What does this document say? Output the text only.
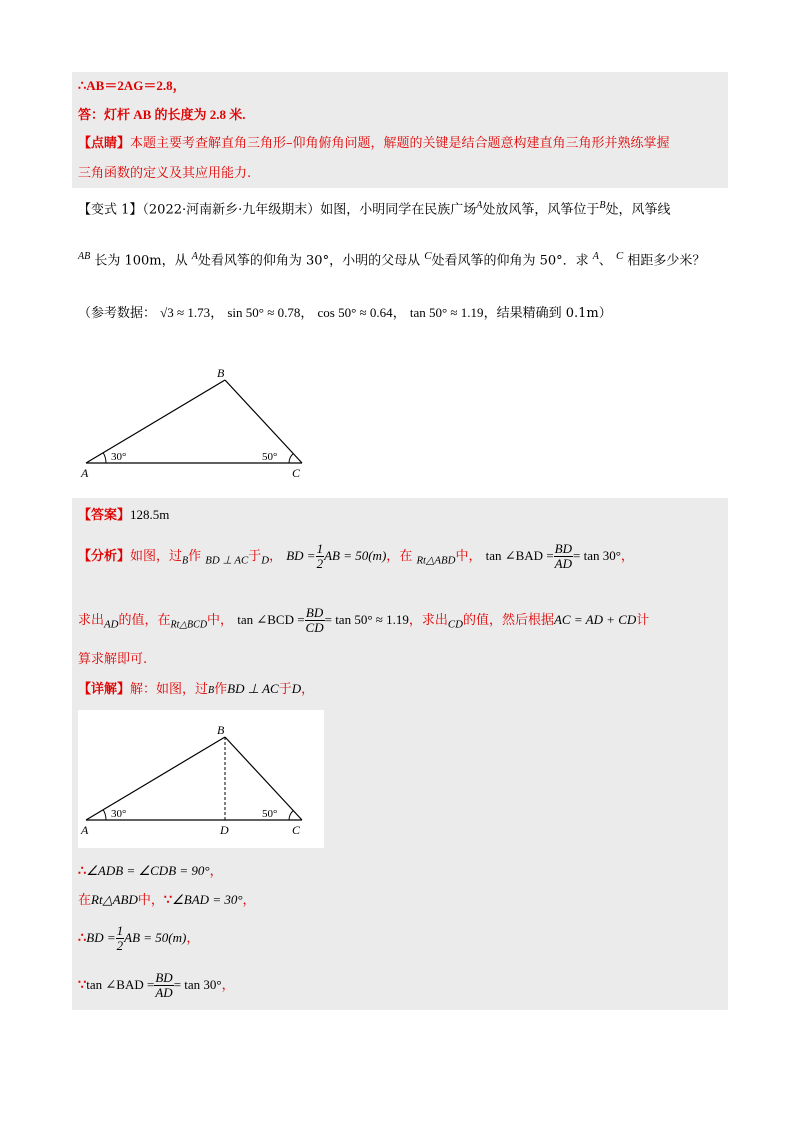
∴AB＝2AG＝2.8，
答：灯杆 AB 的长度为 2.8 米.
【点睛】本题主要考查解直角三角形–仰角俯角问题，解题的关键是结合题意构建直角三角形并熟练掌握
三角函数的定义及其应用能力.
【变式 1】（2022·河南新乡·九年级期末）如图，小明同学在民族广场$^A$处放风筝，风筝位于$^B$处，风筝线
$^{AB}$ 长为 100m，从 $^A$处看风筝的仰角为 30°，小明的父母从 $^C$处看风筝的仰角为 50°．求 $^A$、 $^C$ 相距多少米？
（参考数据： √3 ≈ 1.73， sin 50° ≈ 0.78， cos 50° ≈ 0.64， tan 50° ≈ 1.19，结果精确到 0.1m）
B
A	C
30°	50°
【答案】128.5m
【分析】如图，过$_B$作 $_{BD \perp AC}$于$_D$， BD = $\frac{1}{2}$ AB = 50(m)，在 $_{Rt\triangle ABD}$中， tan ∠BAD = $\frac{BD}{AD} = \tan 30^\circ$，
求出$_{AD}$的值，在$_{Rt\triangle BCD}$中， tan ∠BCD = $\frac{BD}{CD} = \tan 50^\circ \approx 1.19$，求出$_{CD}$的值，然后根据AC = AD + CD计
算求解即可.
【详解】解：如图，过B作BD ⊥ AC于D，
B
A	D	C
30°	50°
∴∠ADB = ∠CDB = 90°，
在Rt△ABD中，∵∠BAD = 30°，
∴BD = $\frac{1}{2}$ AB = 50(m)，
∵tan ∠BAD = $\frac{BD}{AD} = \tan 30^\circ$，
